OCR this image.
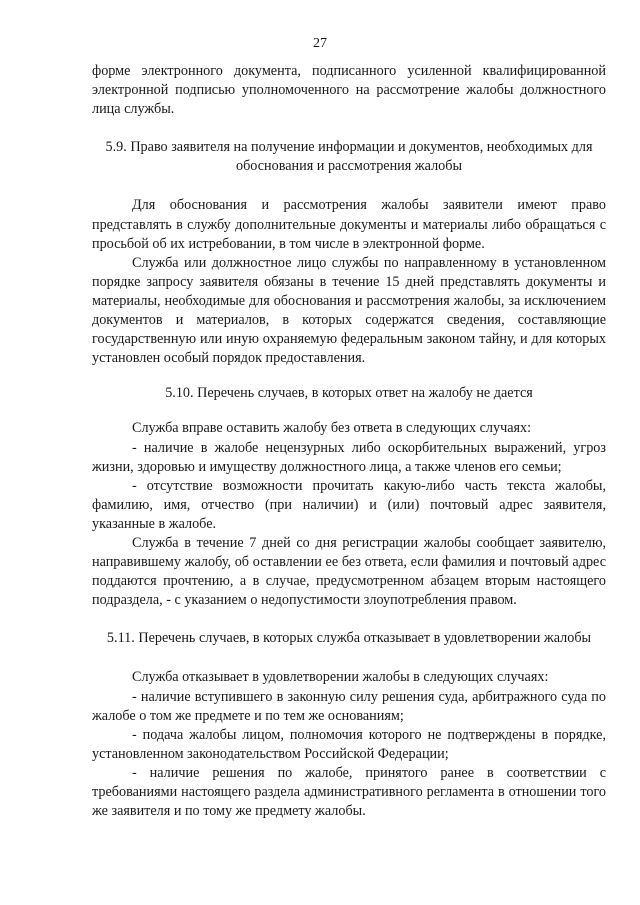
27

форме электронного документа, подписанного усиленной квалифицированной электронной подписью уполномоченного на рассмотрение жалобы должностного лица службы.

5.9. Право заявителя на получение информации и документов, необходимых для обоснования и рассмотрения жалобы

Для обоснования и рассмотрения жалобы заявители имеют право представлять в службу дополнительные документы и материалы либо обращаться с просьбой об их истребовании, в том числе в электронной форме.

Служба или должностное лицо службы по направленному в установленном порядке запросу заявителя обязаны в течение 15 дней представлять документы и материалы, необходимые для обоснования и рассмотрения жалобы, за исключением документов и материалов, в которых содержатся сведения, составляющие государственную или иную охраняемую федеральным законом тайну, и для которых установлен особый порядок предоставления.

5.10. Перечень случаев, в которых ответ на жалобу не дается

Служба вправе оставить жалобу без ответа в следующих случаях:

- наличие в жалобе нецензурных либо оскорбительных выражений, угроз жизни, здоровью и имуществу должностного лица, а также членов его семьи;

- отсутствие возможности прочитать какую-либо часть текста жалобы, фамилию, имя, отчество (при наличии) и (или) почтовый адрес заявителя, указанные в жалобе.

Служба в течение 7 дней со дня регистрации жалобы сообщает заявителю, направившему жалобу, об оставлении ее без ответа, если фамилия и почтовый адрес поддаются прочтению, а в случае, предусмотренном абзацем вторым настоящего подраздела, - с указанием о недопустимости злоупотребления правом.

5.11. Перечень случаев, в которых служба отказывает в удовлетворении жалобы

Служба отказывает в удовлетворении жалобы в следующих случаях:

- наличие вступившего в законную силу решения суда, арбитражного суда по жалобе о том же предмете и по тем же основаниям;

- подача жалобы лицом, полномочия которого не подтверждены в порядке, установленном законодательством Российской Федерации;

- наличие решения по жалобе, принятого ранее в соответствии с требованиями настоящего раздела административного регламента в отношении того же заявителя и по тому же предмету жалобы.
